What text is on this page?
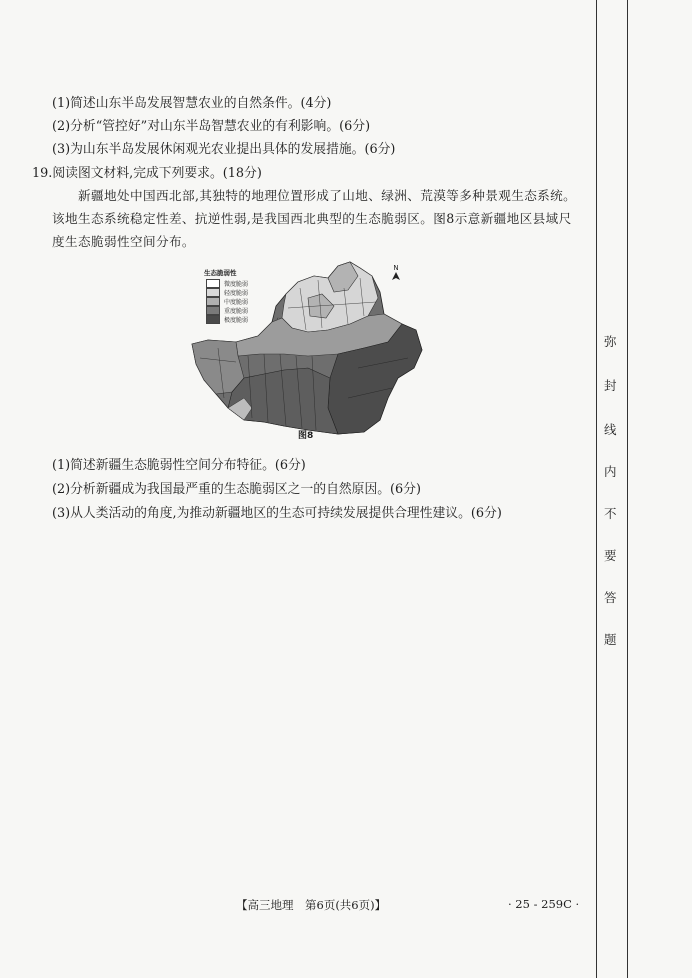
(1)简述山东半岛发展智慧农业的自然条件。(4分)
(2)分析“管控好”对山东半岛智慧农业的有利影响。(6分)
(3)为山东半岛发展休闲观光农业提出具体的发展措施。(6分)
19.阅读图文材料,完成下列要求。(18分)
新疆地处中国西北部,其独特的地理位置形成了山地、绿洲、荒漠等多种景观生态系统。该地生态系统稳定性差、抗逆性弱,是我国西北典型的生态脆弱区。图8示意新疆地区县域尺度生态脆弱性空间分布。
生态脆弱性
微度脆弱
轻度脆弱
中度脆弱
重度脆弱
极度脆弱
N
图8
(1)简述新疆生态脆弱性空间分布特征。(6分)
(2)分析新疆成为我国最严重的生态脆弱区之一的自然原因。(6分)
(3)从人类活动的角度,为推动新疆地区的生态可持续发展提供合理性建议。(6分)
弥
封
线
内
不
要
答
题
【高三地理　第6页(共6页)】	· 25 - 259C ·
